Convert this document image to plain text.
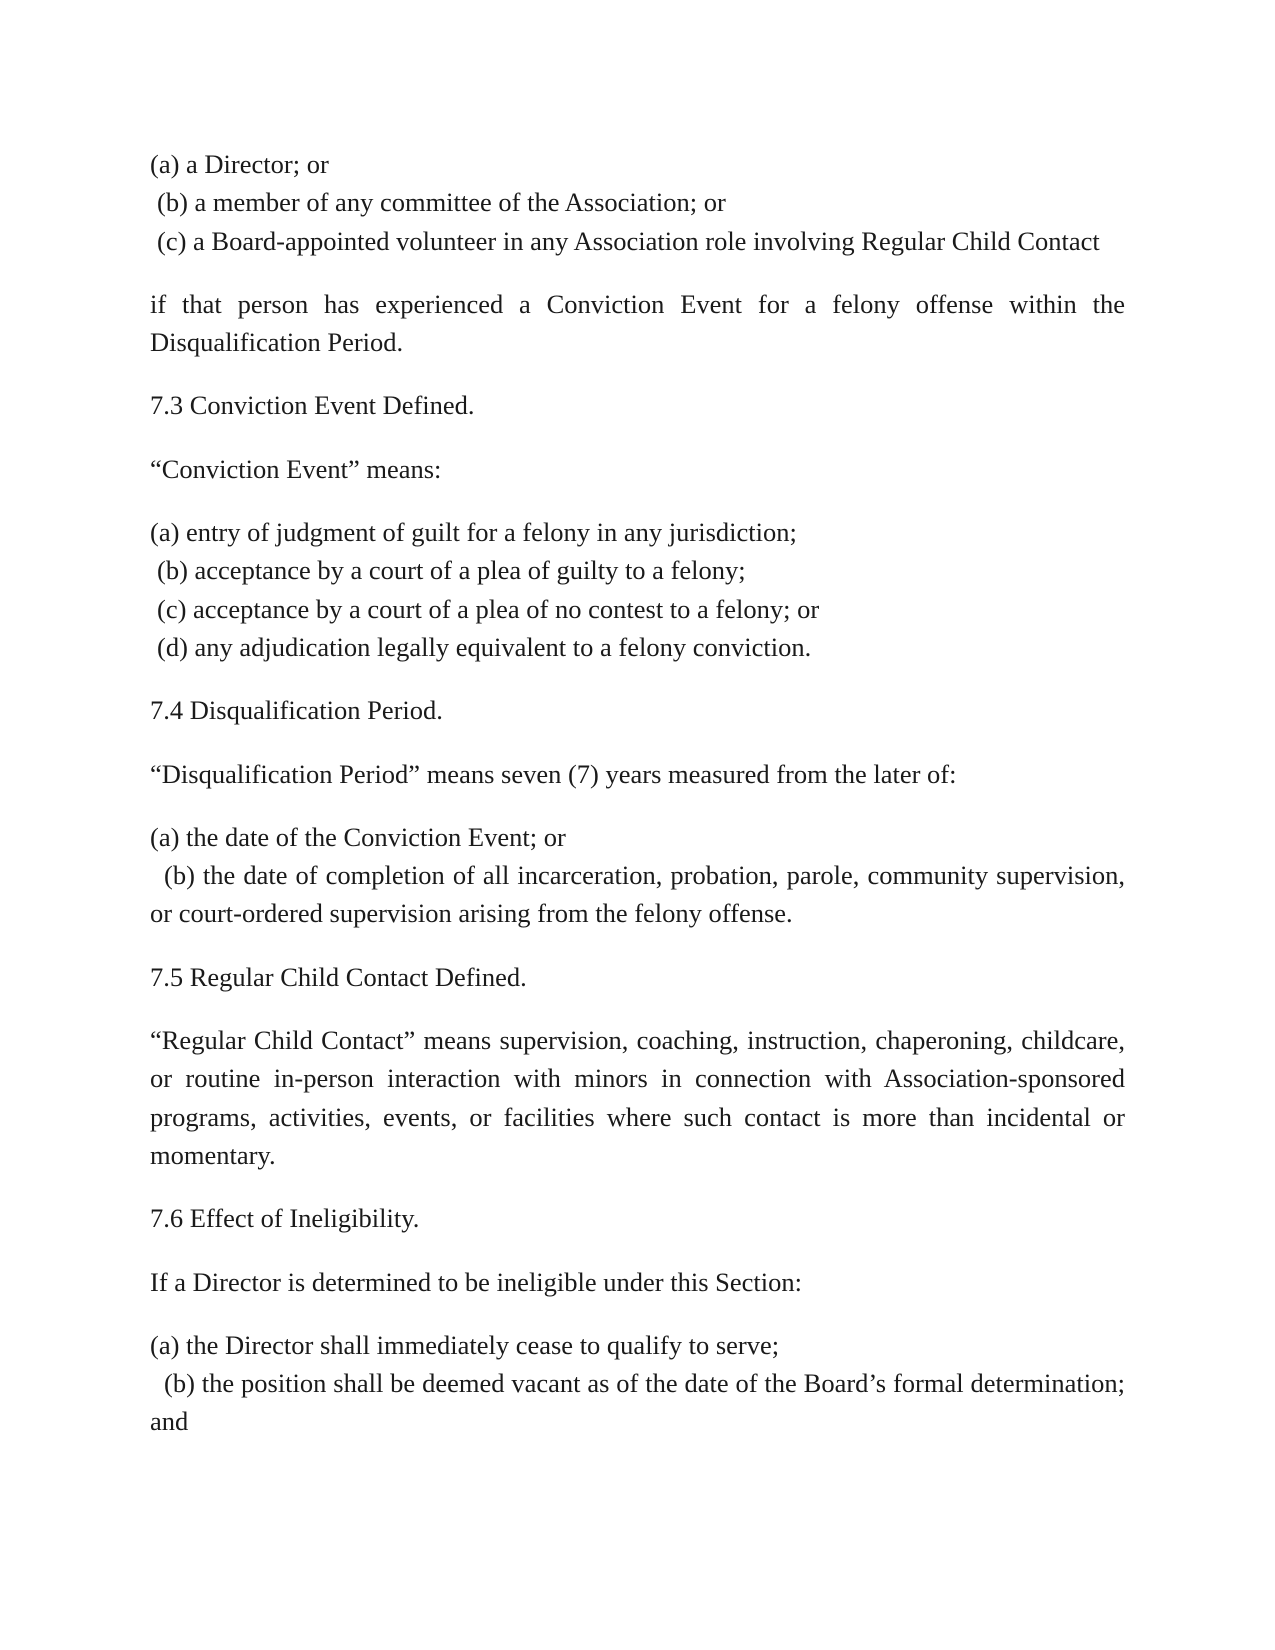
(a) a Director; or
(b) a member of any committee of the Association; or
(c) a Board-appointed volunteer in any Association role involving Regular Child Contact
if that person has experienced a Conviction Event for a felony offense within the Disqualification Period.
7.3 Conviction Event Defined.
“Conviction Event” means:
(a) entry of judgment of guilt for a felony in any jurisdiction;
(b) acceptance by a court of a plea of guilty to a felony;
(c) acceptance by a court of a plea of no contest to a felony; or
(d) any adjudication legally equivalent to a felony conviction.
7.4 Disqualification Period.
“Disqualification Period” means seven (7) years measured from the later of:
(a) the date of the Conviction Event; or
(b) the date of completion of all incarceration, probation, parole, community supervision, or court-ordered supervision arising from the felony offense.
7.5 Regular Child Contact Defined.
“Regular Child Contact” means supervision, coaching, instruction, chaperoning, childcare, or routine in-person interaction with minors in connection with Association-sponsored programs, activities, events, or facilities where such contact is more than incidental or momentary.
7.6 Effect of Ineligibility.
If a Director is determined to be ineligible under this Section:
(a) the Director shall immediately cease to qualify to serve;
(b) the position shall be deemed vacant as of the date of the Board’s formal determination; and
